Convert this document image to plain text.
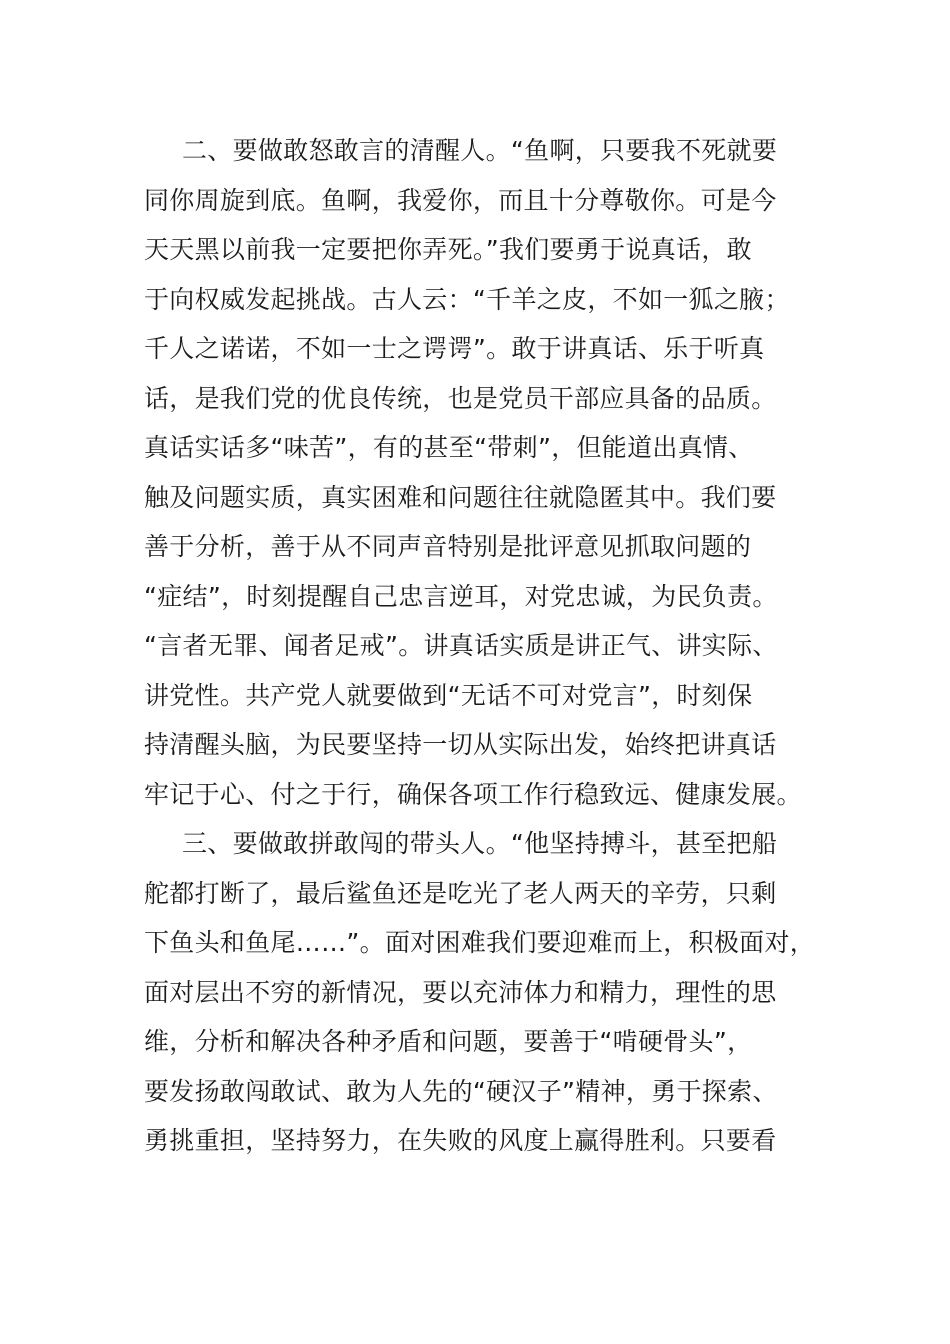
二、要做敢怒敢言的清醒人。“鱼啊，只要我不死就要
同你周旋到底。鱼啊，我爱你，而且十分尊敬你。可是今
天天黑以前我一定要把你弄死。”我们要勇于说真话，敢
于向权威发起挑战。古人云：“千羊之皮，不如一狐之腋；
千人之诺诺，不如一士之谔谔”。敢于讲真话、乐于听真
话，是我们党的优良传统，也是党员干部应具备的品质。
真话实话多“味苦”，有的甚至“带刺”，但能道出真情、
触及问题实质，真实困难和问题往往就隐匿其中。我们要
善于分析，善于从不同声音特别是批评意见抓取问题的
“症结”，时刻提醒自己忠言逆耳，对党忠诚，为民负责。
“言者无罪、闻者足戒”。讲真话实质是讲正气、讲实际、
讲党性。共产党人就要做到“无话不可对党言”，时刻保
持清醒头脑，为民要坚持一切从实际出发，始终把讲真话
牢记于心、付之于行，确保各项工作行稳致远、健康发展。
三、要做敢拼敢闯的带头人。“他坚持搏斗，甚至把船
舵都打断了，最后鲨鱼还是吃光了老人两天的辛劳，只剩
下鱼头和鱼尾……”。面对困难我们要迎难而上，积极面对，
面对层出不穷的新情况，要以充沛体力和精力，理性的思
维，分析和解决各种矛盾和问题，要善于“啃硬骨头”，
要发扬敢闯敢试、敢为人先的“硬汉子”精神，勇于探索、
勇挑重担，坚持努力，在失败的风度上赢得胜利。只要看
